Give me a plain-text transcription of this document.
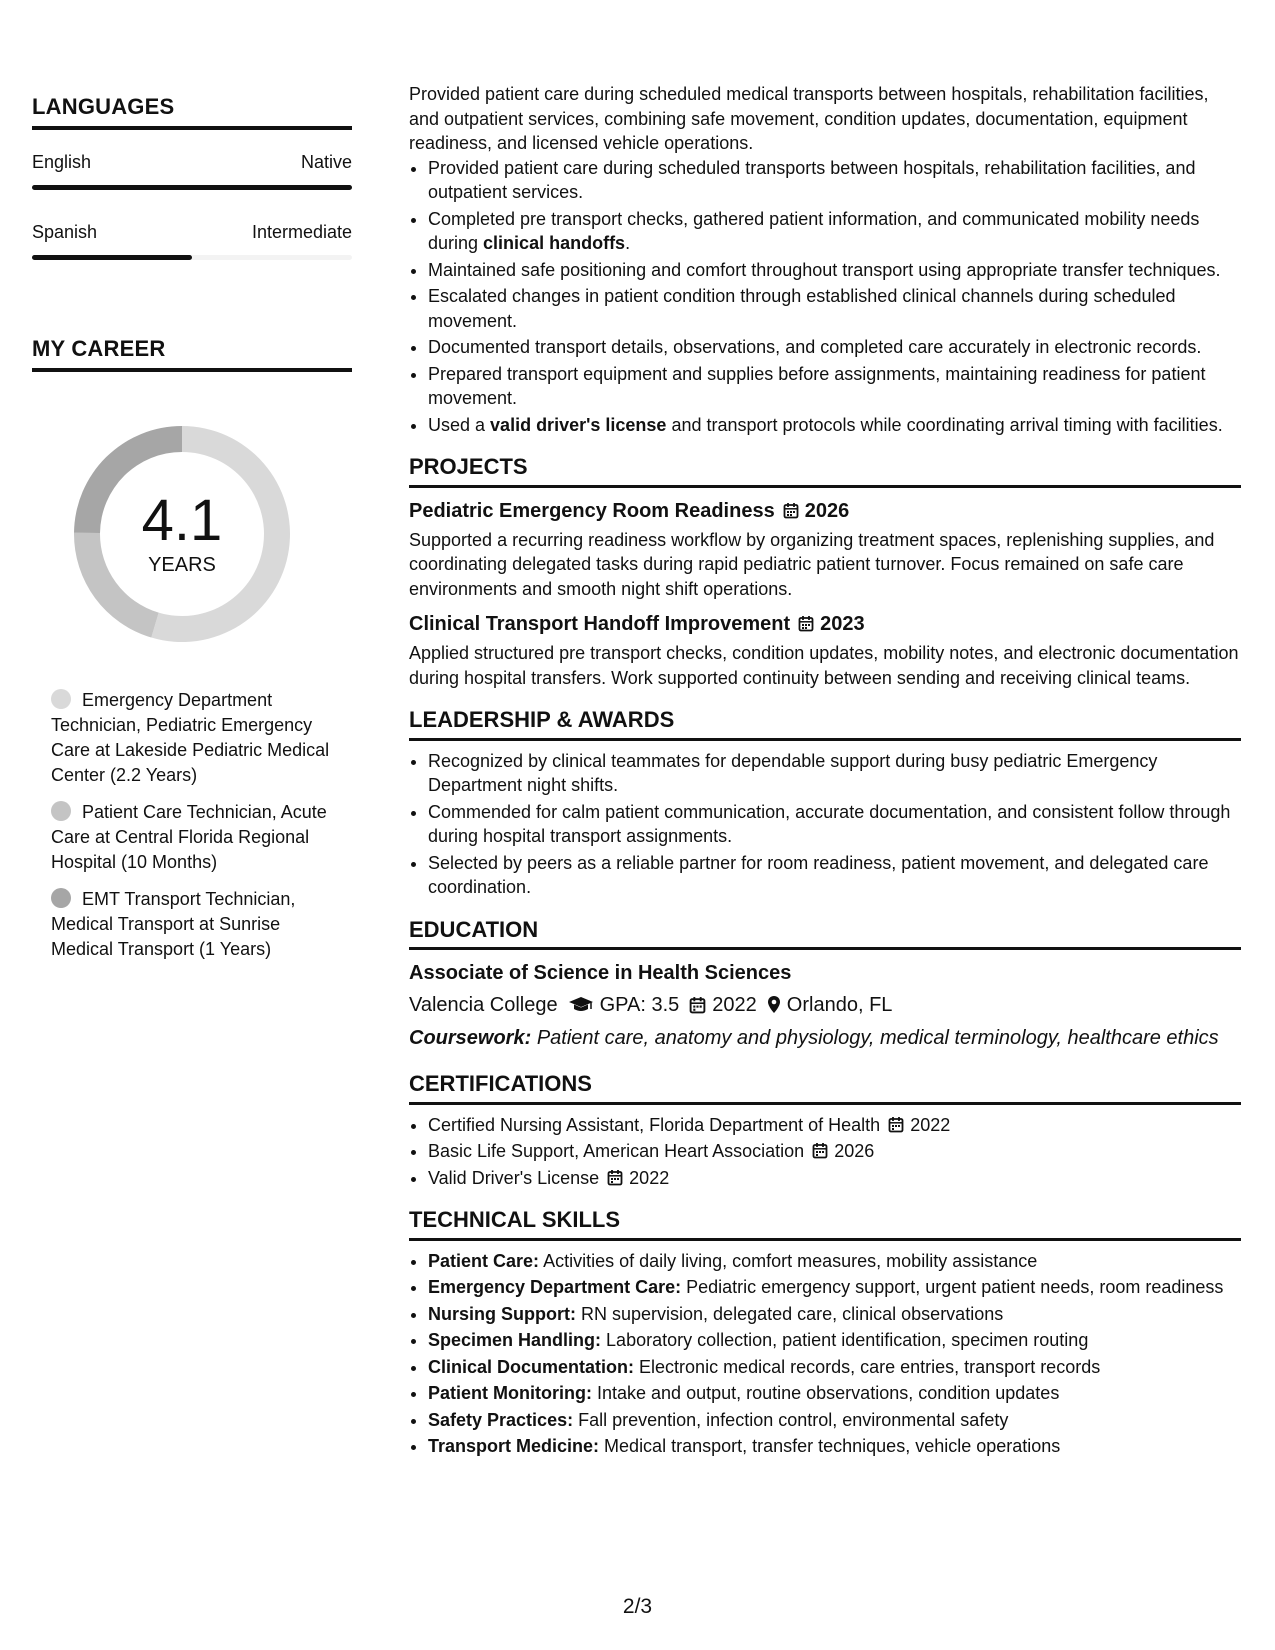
LANGUAGES
English	Native
Spanish	Intermediate
MY CAREER
4.1
YEARS
Emergency Department Technician, Pediatric Emergency Care at Lakeside Pediatric Medical Center (2.2 Years)
Patient Care Technician, Acute Care at Central Florida Regional Hospital (10 Months)
EMT Transport Technician, Medical Transport at Sunrise Medical Transport (1 Years)

Provided patient care during scheduled medical transports between hospitals, rehabilitation facilities, and outpatient services, combining safe movement, condition updates, documentation, equipment readiness, and licensed vehicle operations.

• Provided patient care during scheduled transports between hospitals, rehabilitation facilities, and outpatient services.
• Completed pre transport checks, gathered patient information, and communicated mobility needs during clinical handoffs.
• Maintained safe positioning and comfort throughout transport using appropriate transfer techniques.
• Escalated changes in patient condition through established clinical channels during scheduled movement.
• Documented transport details, observations, and completed care accurately in electronic records.
• Prepared transport equipment and supplies before assignments, maintaining readiness for patient movement.
• Used a valid driver's license and transport protocols while coordinating arrival timing with facilities.
PROJECTS
Pediatric Emergency Room Readiness 2026

Supported a recurring readiness workflow by organizing treatment spaces, replenishing supplies, and coordinating delegated tasks during rapid pediatric patient turnover. Focus remained on safe care environments and smooth night shift operations.

Clinical Transport Handoff Improvement 2023

Applied structured pre transport checks, condition updates, mobility notes, and electronic documentation during hospital transfers. Work supported continuity between sending and receiving clinical teams.

LEADERSHIP & AWARDS
• Recognized by clinical teammates for dependable support during busy pediatric Emergency Department night shifts.
• Commended for calm patient communication, accurate documentation, and consistent follow through during hospital transport assignments.
• Selected by peers as a reliable partner for room readiness, patient movement, and delegated care coordination.
EDUCATION
Associate of Science in Health Sciences
Valencia College GPA: 3.5 2022 Orlando, FL
Coursework: Patient care, anatomy and physiology, medical terminology, healthcare ethics
CERTIFICATIONS
• Certified Nursing Assistant, Florida Department of Health 2022
• Basic Life Support, American Heart Association 2026
• Valid Driver's License 2022
TECHNICAL SKILLS
• Patient Care: Activities of daily living, comfort measures, mobility assistance
• Emergency Department Care: Pediatric emergency support, urgent patient needs, room readiness
• Nursing Support: RN supervision, delegated care, clinical observations
• Specimen Handling: Laboratory collection, patient identification, specimen routing
• Clinical Documentation: Electronic medical records, care entries, transport records
• Patient Monitoring: Intake and output, routine observations, condition updates
• Safety Practices: Fall prevention, infection control, environmental safety
• Transport Medicine: Medical transport, transfer techniques, vehicle operations
2/3
